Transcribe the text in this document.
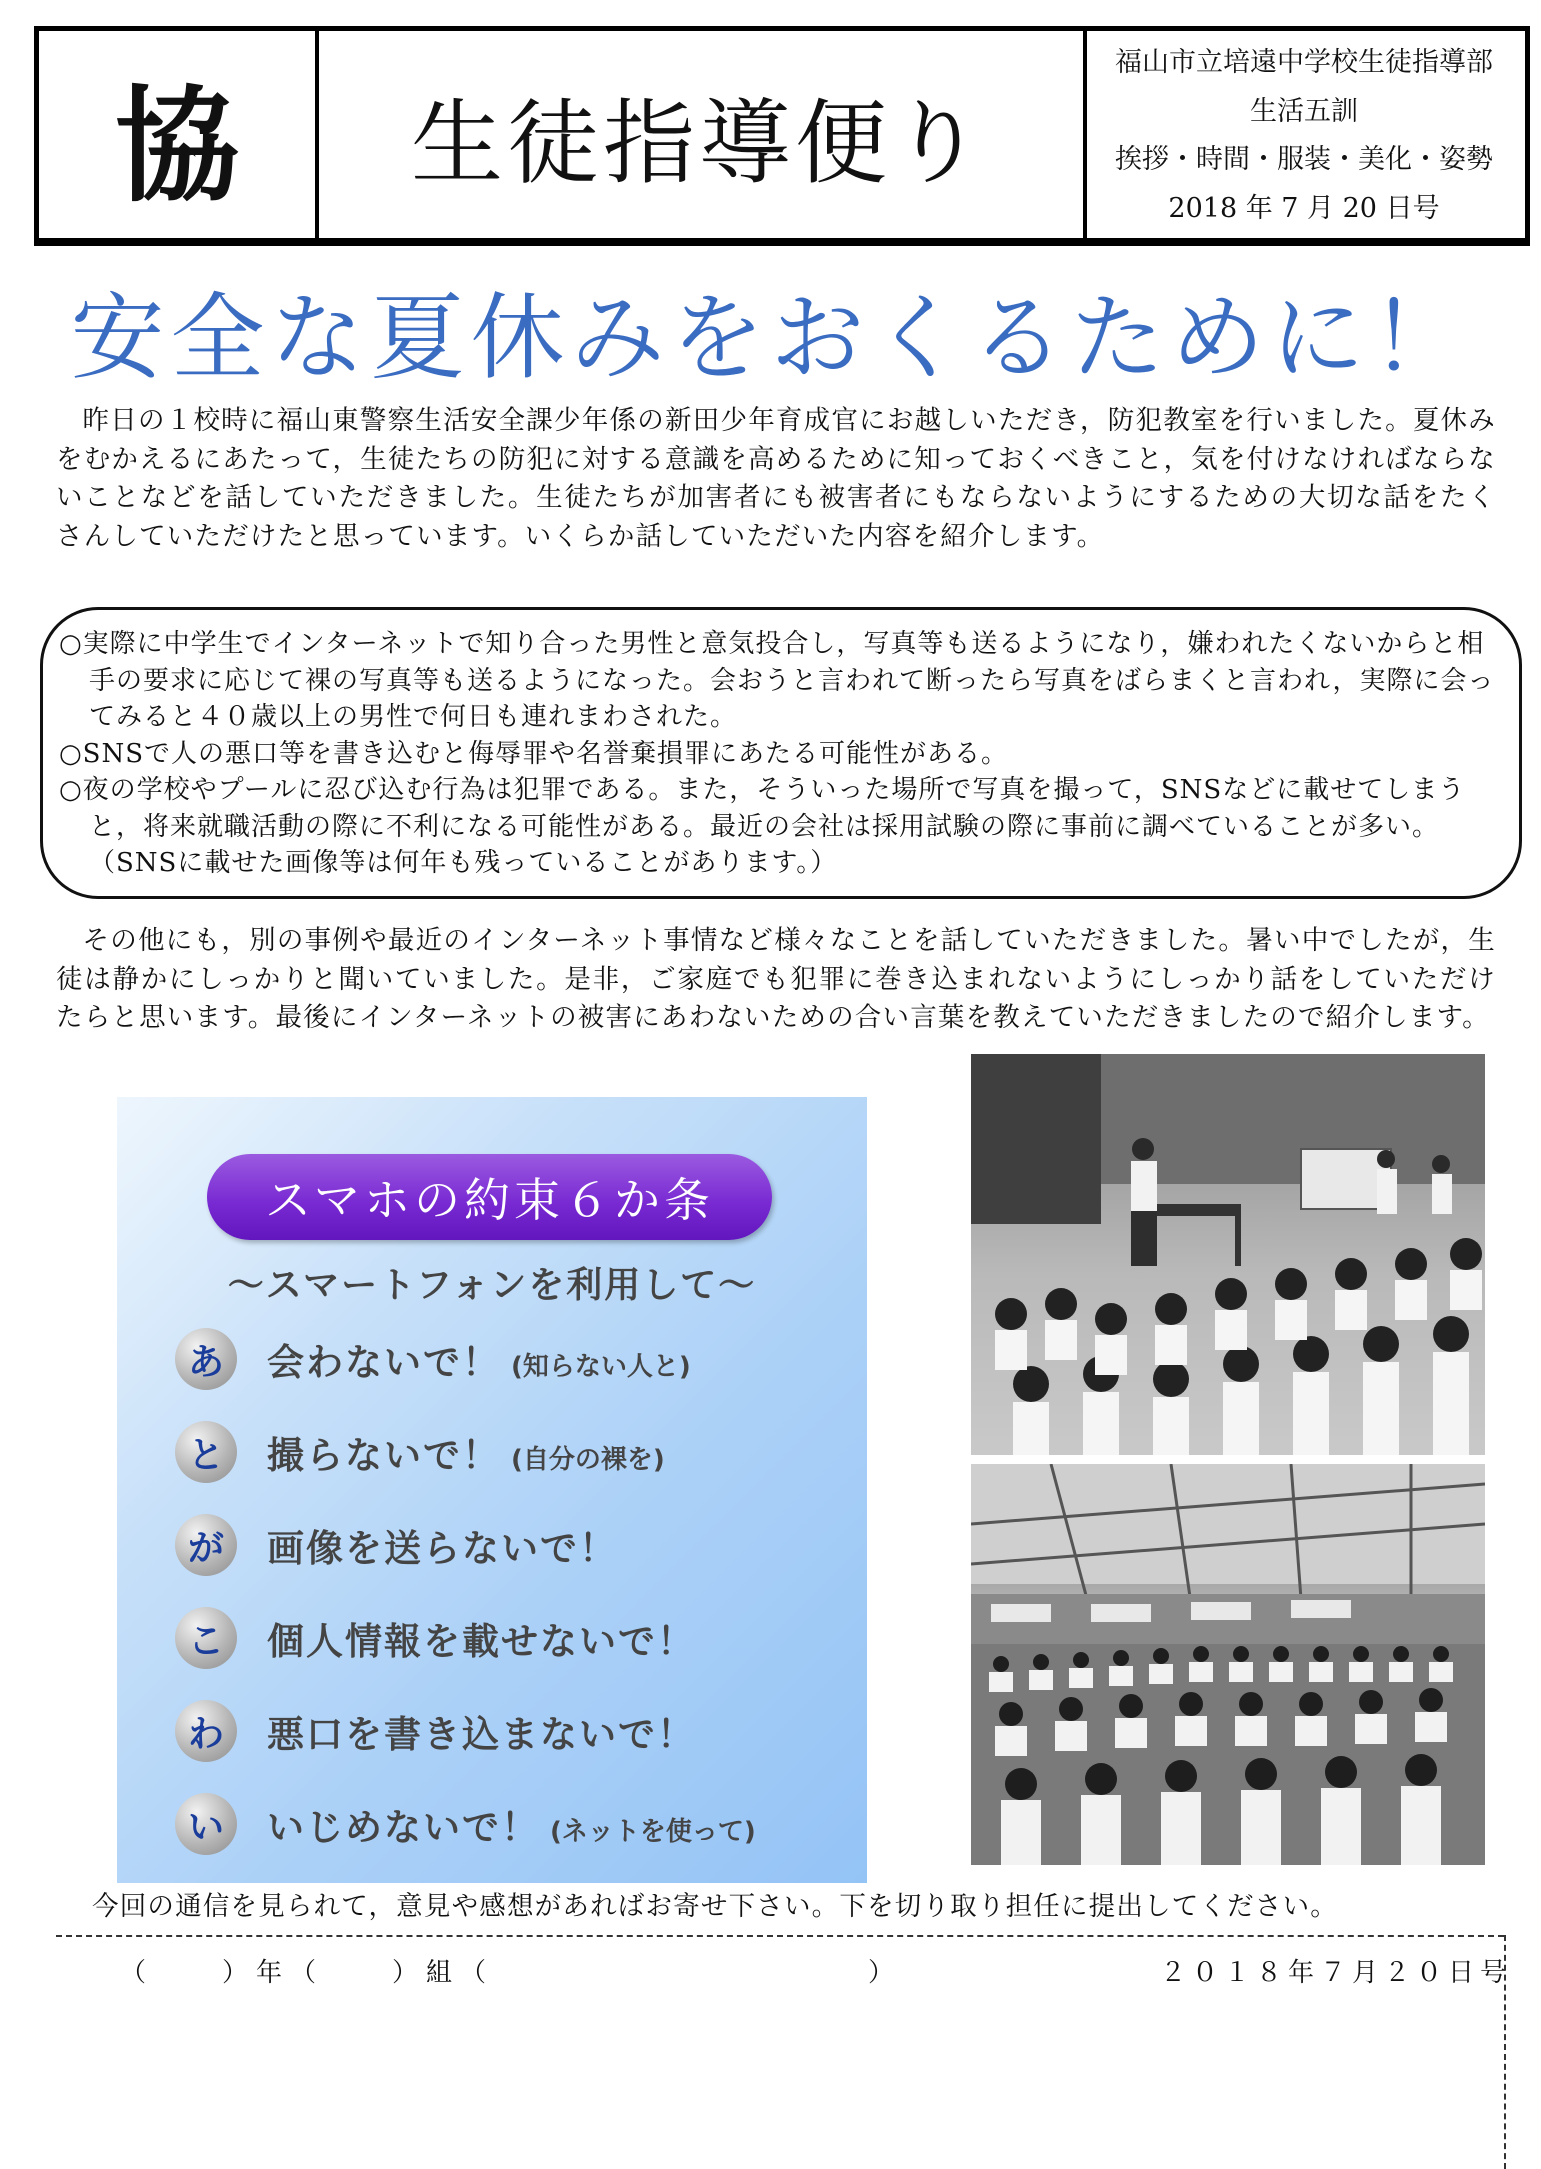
協 生徒指導便り
福山市立培遠中学校生徒指導部
生活五訓
挨拶・時間・服装・美化・姿勢
2018 年 7 月 20 日号
安全な夏休みをおくるために！
昨日の１校時に福山東警察生活安全課少年係の新田少年育成官にお越しいただき，防犯教室を行いました。夏休みをむかえるにあたって，生徒たちの防犯に対する意識を高めるために知っておくべきこと，気を付けなければならないことなどを話していただきました。生徒たちが加害者にも被害者にもならないようにするための大切な話をたくさんしていただけたと思っています。いくらか話していただいた内容を紹介します。
○実際に中学生でインターネットで知り合った男性と意気投合し，写真等も送るようになり，嫌われたくないからと相手の要求に応じて裸の写真等も送るようになった。会おうと言われて断ったら写真をばらまくと言われ，実際に会ってみると４０歳以上の男性で何日も連れまわされた。
○SNSで人の悪口等を書き込むと侮辱罪や名誉棄損罪にあたる可能性がある。
○夜の学校やプールに忍び込む行為は犯罪である。また，そういった場所で写真を撮って，SNSなどに載せてしまうと，将来就職活動の際に不利になる可能性がある。最近の会社は採用試験の際に事前に調べていることが多い。（SNSに載せた画像等は何年も残っていることがあります。）
その他にも，別の事例や最近のインターネット事情など様々なことを話していただきました。暑い中でしたが，生徒は静かにしっかりと聞いていました。是非，ご家庭でも犯罪に巻き込まれないようにしっかり話をしていただけたらと思います。最後にインターネットの被害にあわないための合い言葉を教えていただきましたので紹介します。
スマホの約束６か条
～スマートフォンを利用して～
あ	会わないで！ (知らない人と)
と	撮らないで！ (自分の裸を)
が	画像を送らないで！
こ	個人情報を載せないで！
わ	悪口を書き込まないで！
い	いじめないで！ (ネットを使って)
今回の通信を見られて，意見や感想があればお寄せ下さい。下を切り取り担任に提出してください。
（　　）年（　　）組（　　　　　　　　　　　）	２０１８年７月２０日号
